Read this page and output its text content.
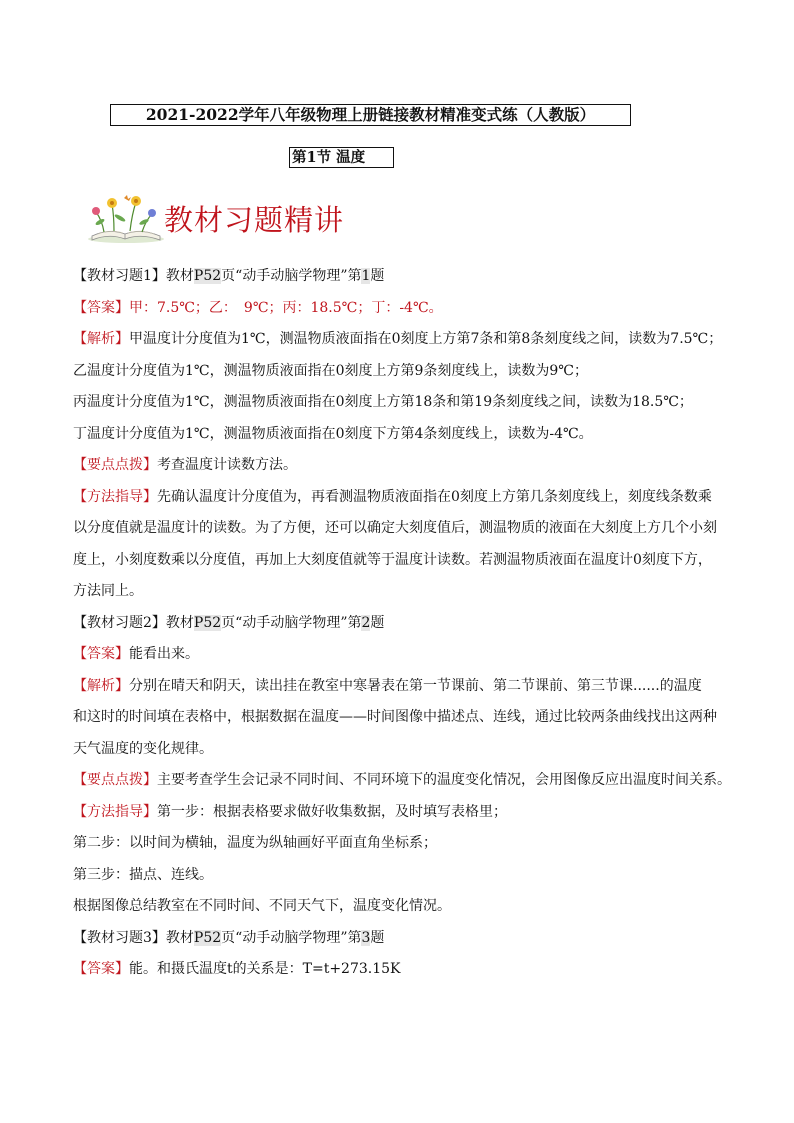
2021-2022学年八年级物理上册链接教材精准变式练（人教版）
第1节 温度
教材习题精讲
【教材习题1】教材P52页“动手动脑学物理”第1题
【答案】甲：7.5℃；乙：　9℃；丙：18.5℃；丁：-4℃。
【解析】甲温度计分度值为1℃，测温物质液面指在0刻度上方第7条和第8条刻度线之间，读数为7.5℃；
乙温度计分度值为1℃，测温物质液面指在0刻度上方第9条刻度线上，读数为9℃；
丙温度计分度值为1℃，测温物质液面指在0刻度上方第18条和第19条刻度线之间，读数为18.5℃；
丁温度计分度值为1℃，测温物质液面指在0刻度下方第4条刻度线上，读数为-4℃。
【要点点拨】考查温度计读数方法。
【方法指导】先确认温度计分度值为，再看测温物质液面指在0刻度上方第几条刻度线上，刻度线条数乘
以分度值就是温度计的读数。为了方便，还可以确定大刻度值后，测温物质的液面在大刻度上方几个小刻
度上，小刻度数乘以分度值，再加上大刻度值就等于温度计读数。若测温物质液面在温度计0刻度下方，
方法同上。
【教材习题2】教材P52页“动手动脑学物理”第2题
【答案】能看出来。
【解析】分别在晴天和阴天，读出挂在教室中寒暑表在第一节课前、第二节课前、第三节课......的温度
和这时的时间填在表格中，根据数据在温度——时间图像中描述点、连线，通过比较两条曲线找出这两种
天气温度的变化规律。
【要点点拨】主要考查学生会记录不同时间、不同环境下的温度变化情况，会用图像反应出温度时间关系。
【方法指导】第一步：根据表格要求做好收集数据，及时填写表格里；
第二步：以时间为横轴，温度为纵轴画好平面直角坐标系；
第三步：描点、连线。
根据图像总结教室在不同时间、不同天气下，温度变化情况。
【教材习题3】教材P52页“动手动脑学物理”第3题
【答案】能。和摄氏温度t的关系是：T=t+273.15K
